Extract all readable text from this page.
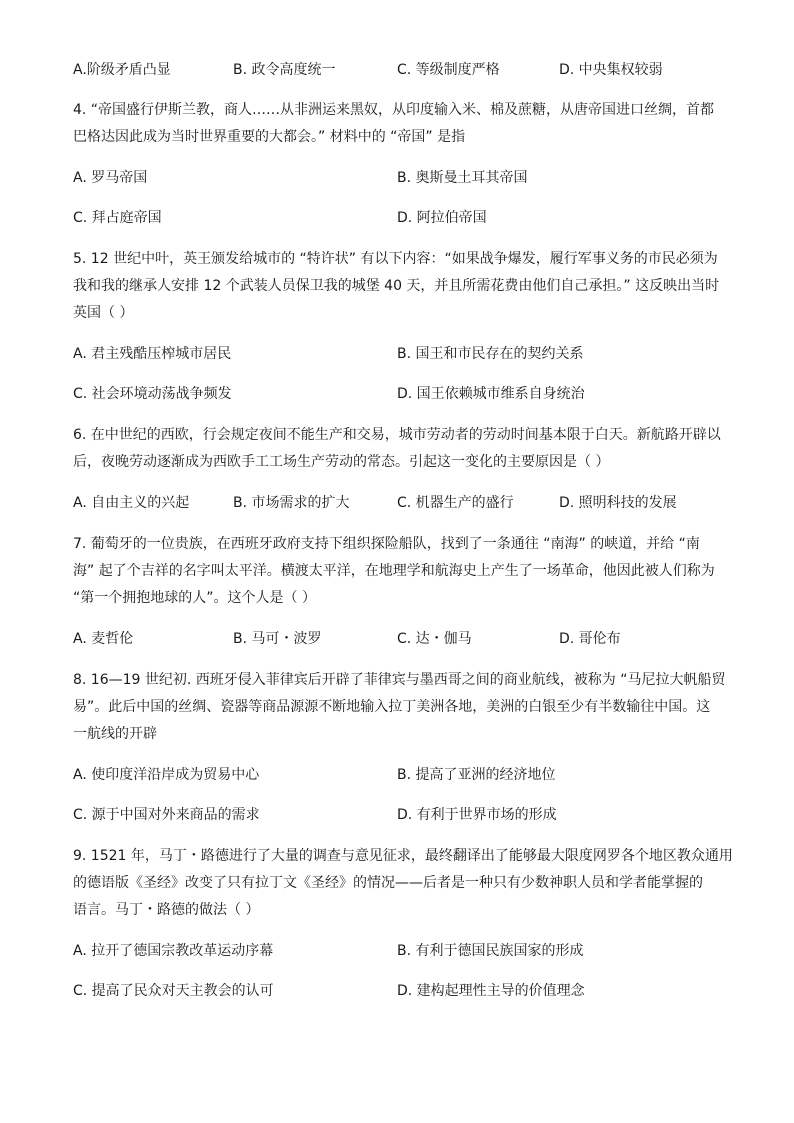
A.阶级矛盾凸显	B. 政令高度统一	C. 等级制度严格	D. 中央集权较弱
4. “帝国盛行伊斯兰教，商人……从非洲运来黑奴，从印度输入米、棉及蔗糖，从唐帝国进口丝绸，首都
巴格达因此成为当时世界重要的大都会。” 材料中的 “帝国” 是指
A. 罗马帝国	B. 奥斯曼土耳其帝国
C. 拜占庭帝国	D. 阿拉伯帝国
5. 12 世纪中叶，英王颁发给城市的 “特许状” 有以下内容：“如果战争爆发，履行军事义务的市民必须为
我和我的继承人安排 12 个武装人员保卫我的城堡 40 天，并且所需花费由他们自己承担。” 这反映出当时
英国（ ）
A. 君主残酷压榨城市居民	B. 国王和市民存在的契约关系
C. 社会环境动荡战争频发	D. 国王依赖城市维系自身统治
6. 在中世纪的西欧，行会规定夜间不能生产和交易，城市劳动者的劳动时间基本限于白天。新航路开辟以
后，夜晚劳动逐渐成为西欧手工工场生产劳动的常态。引起这一变化的主要原因是（ ）
A. 自由主义的兴起	B. 市场需求的扩大	C. 机器生产的盛行	D. 照明科技的发展
7. 葡萄牙的一位贵族，在西班牙政府支持下组织探险船队，找到了一条通往 “南海” 的峡道，并给 “南
海” 起了个吉祥的名字叫太平洋。横渡太平洋，在地理学和航海史上产生了一场革命，他因此被人们称为
“第一个拥抱地球的人”。这个人是（ ）
A. 麦哲伦	B. 马可・波罗	C. 达・伽马	D. 哥伦布
8. 16—19 世纪初. 西班牙侵入菲律宾后开辟了菲律宾与墨西哥之间的商业航线，被称为 “马尼拉大帆船贸
易”。此后中国的丝绸、瓷器等商品源源不断地输入拉丁美洲各地，美洲的白银至少有半数输往中国。这
一航线的开辟
A. 使印度洋沿岸成为贸易中心	B. 提高了亚洲的经济地位
C. 源于中国对外来商品的需求	D. 有利于世界市场的形成
9. 1521 年，马丁・路德进行了大量的调查与意见征求，最终翻译出了能够最大限度网罗各个地区教众通用
的德语版《圣经》改变了只有拉丁文《圣经》的情况——后者是一种只有少数神职人员和学者能掌握的
语言。马丁・路德的做法（ ）
A. 拉开了德国宗教改革运动序幕	B. 有利于德国民族国家的形成
C. 提高了民众对天主教会的认可	D. 建构起理性主导的价值理念
